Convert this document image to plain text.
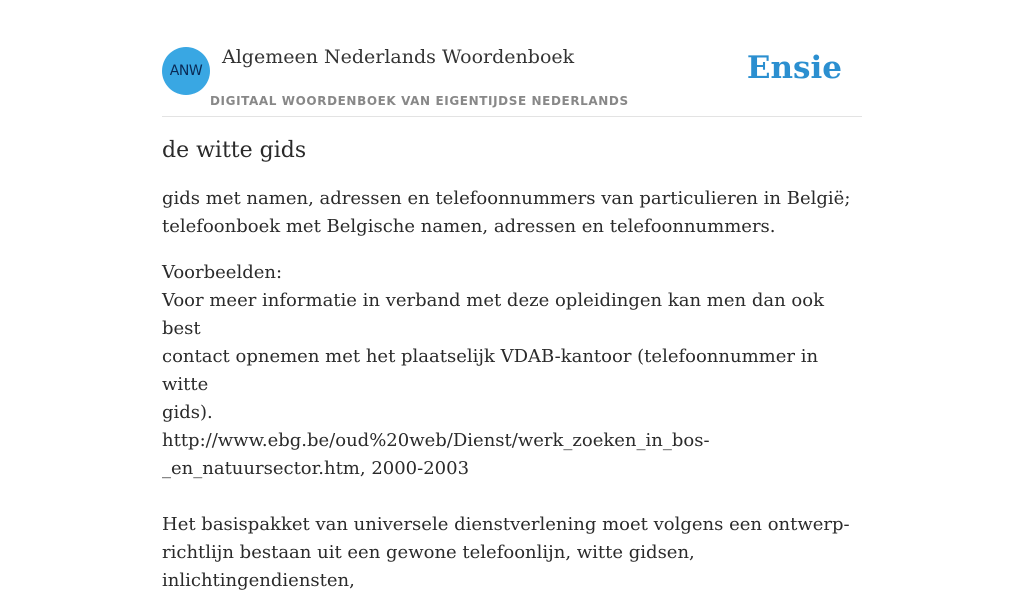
ANW
Algemeen Nederlands Woordenboek
DIGITAAL WOORDENBOEK VAN EIGENTIJDSE NEDERLANDS
Ensie
de witte gids
gids met namen, adressen en telefoonnummers van particulieren in België;
telefoonboek met Belgische namen, adressen en telefoonnummers.

Voorbeelden:

Voor meer informatie in verband met deze opleidingen kan men dan ook best

contact opnemen met het plaatselijk VDAB-kantoor (telefoonnummer in witte

gids).

http://www.ebg.be/oud%20web/Dienst/werk_zoeken_in_bos-

_en_natuursector.htm, 2000-2003

Het basispakket van universele dienstverlening moet volgens een ontwerp-

richtlijn bestaan uit een gewone telefoonlijn, witte gidsen, inlichtingendiensten,
